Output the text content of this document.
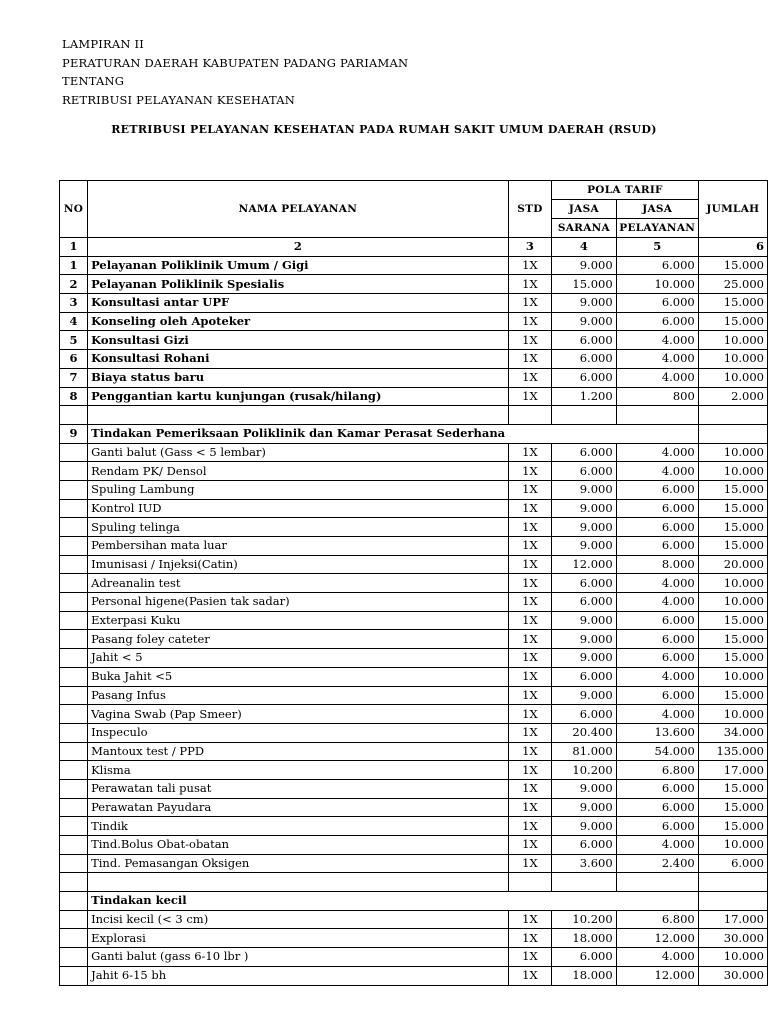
LAMPIRAN II
PERATURAN DAERAH KABUPATEN PADANG PARIAMAN
TENTANG
RETRIBUSI PELAYANAN KESEHATAN
RETRIBUSI PELAYANAN KESEHATAN PADA RUMAH SAKIT UMUM DAERAH (RSUD)
NO	NAMA PELAYANAN	STD	POLA TARIF		JUMLAH
			JASA	JASA	
			SARANA	PELAYANAN	
1	2	3	4	5	6
1	Pelayanan Poliklinik Umum / Gigi	1X	9.000	6.000	15.000
2	Pelayanan Poliklinik Spesialis	1X	15.000	10.000	25.000
3	Konsultasi antar UPF	1X	9.000	6.000	15.000
4	Konseling oleh Apoteker	1X	9.000	6.000	15.000
5	Konsultasi Gizi	1X	6.000	4.000	10.000
6	Konsultasi Rohani	1X	6.000	4.000	10.000
7	Biaya status baru	1X	6.000	4.000	10.000
8	Penggantian kartu kunjungan (rusak/hilang)	1X	1.200	800	2.000

9	Tindakan Pemeriksaan Poliklinik dan Kamar Perasat Sederhana				
	Ganti balut (Gass < 5 lembar)	1X	6.000	4.000	10.000
	Rendam PK/ Densol	1X	6.000	4.000	10.000
	Spuling Lambung	1X	9.000	6.000	15.000
	Kontrol IUD	1X	9.000	6.000	15.000
	Spuling telinga	1X	9.000	6.000	15.000
	Pembersihan mata luar	1X	9.000	6.000	15.000
	Imunisasi / Injeksi(Catin)	1X	12.000	8.000	20.000
	Adreanalin test	1X	6.000	4.000	10.000
	Personal higene(Pasien tak sadar)	1X	6.000	4.000	10.000
	Exterpasi Kuku	1X	9.000	6.000	15.000
	Pasang foley cateter	1X	9.000	6.000	15.000
	Jahit < 5	1X	9.000	6.000	15.000
	Buka Jahit <5	1X	6.000	4.000	10.000
	Pasang Infus	1X	9.000	6.000	15.000
	Vagina Swab (Pap Smeer)	1X	6.000	4.000	10.000
	Inspeculo	1X	20.400	13.600	34.000
	Mantoux test / PPD	1X	81.000	54.000	135.000
	Klisma	1X	10.200	6.800	17.000
	Perawatan tali pusat	1X	9.000	6.000	15.000
	Perawatan Payudara	1X	9.000	6.000	15.000
	Tindik	1X	9.000	6.000	15.000
	Tind.Bolus Obat-obatan	1X	6.000	4.000	10.000
	Tind. Pemasangan Oksigen	1X	3.600	2.400	6.000

	Tindakan kecil				
	Incisi kecil (< 3 cm)	1X	10.200	6.800	17.000
	Explorasi	1X	18.000	12.000	30.000
	Ganti balut (gass 6-10 lbr )	1X	6.000	4.000	10.000
	Jahit 6-15 bh	1X	18.000	12.000	30.000
